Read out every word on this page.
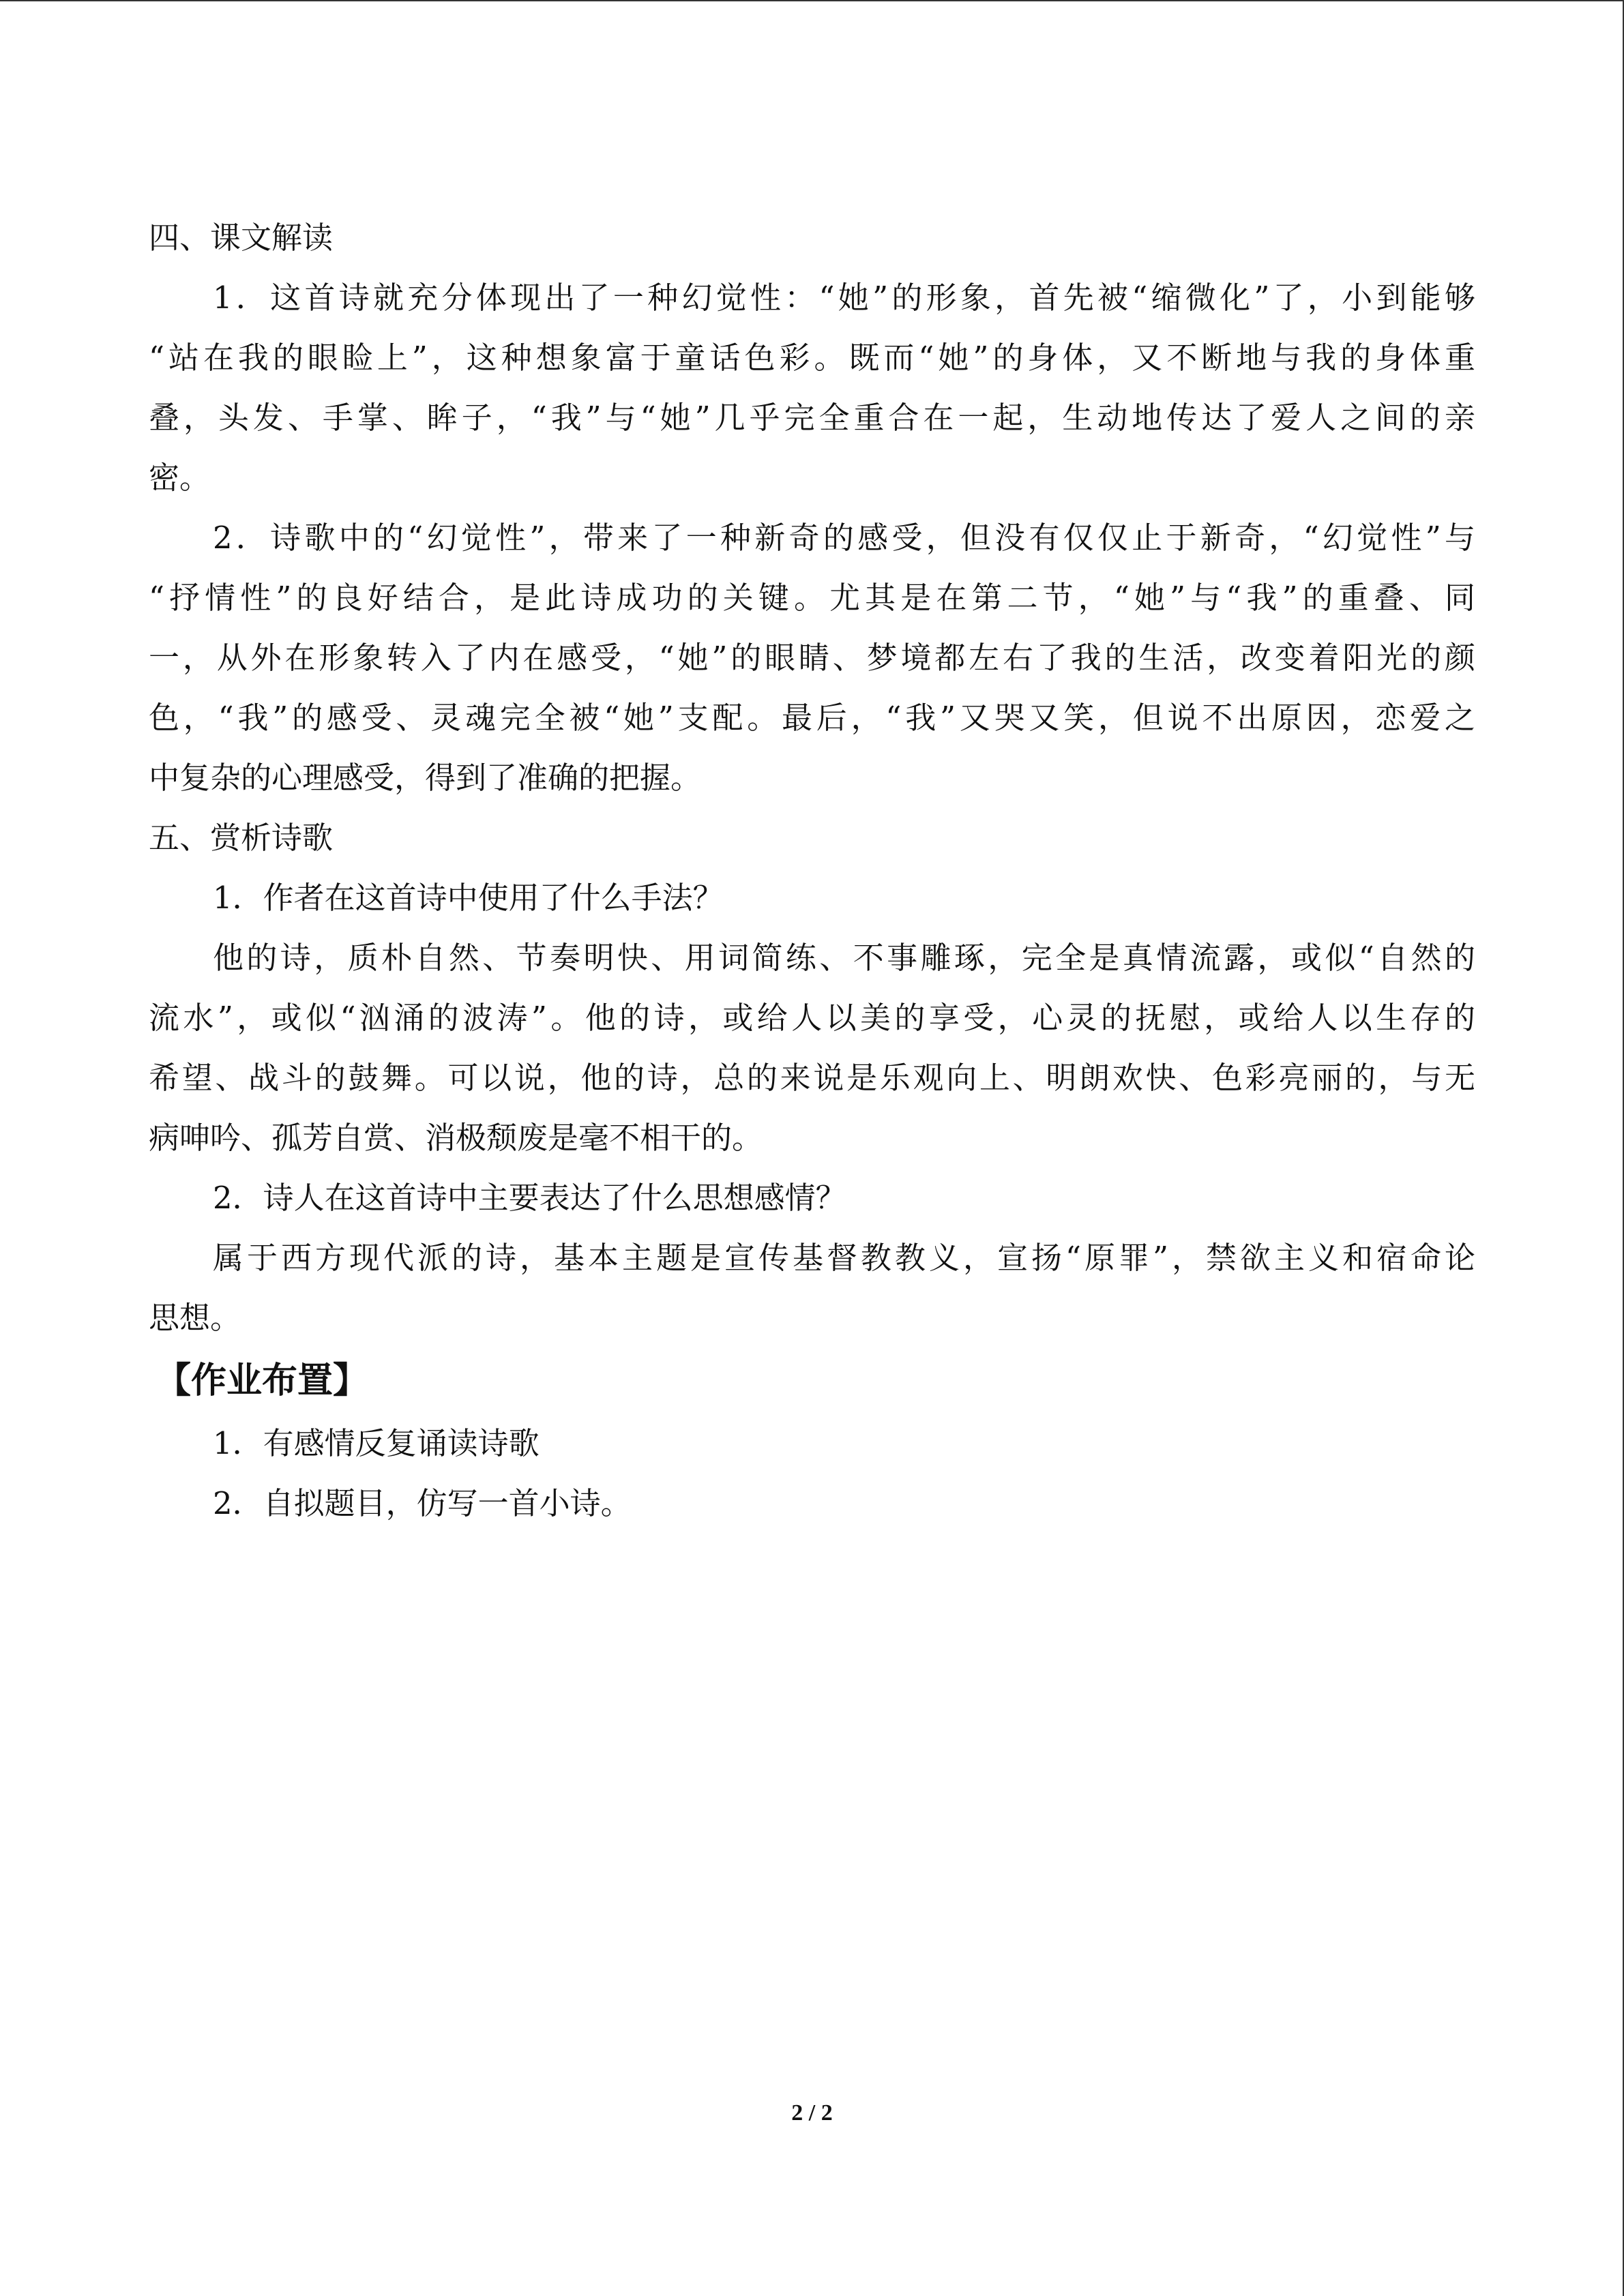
四、课文解读
1．这首诗就充分体现出了一种幻觉性：“她”的形象，首先被“缩微化”了，小到能够
“站在我的眼睑上”，这种想象富于童话色彩。既而“她”的身体，又不断地与我的身体重
叠，头发、手掌、眸子，“我”与“她”几乎完全重合在一起，生动地传达了爱人之间的亲
密。
2．诗歌中的“幻觉性”，带来了一种新奇的感受，但没有仅仅止于新奇，“幻觉性”与
“抒情性”的良好结合，是此诗成功的关键。尤其是在第二节，“她”与“我”的重叠、同
一，从外在形象转入了内在感受，“她”的眼睛、梦境都左右了我的生活，改变着阳光的颜
色，“我”的感受、灵魂完全被“她”支配。最后，“我”又哭又笑，但说不出原因，恋爱之
中复杂的心理感受，得到了准确的把握。
五、赏析诗歌
1．作者在这首诗中使用了什么手法？
他的诗，质朴自然、节奏明快、用词简练、不事雕琢，完全是真情流露，或似“自然的
流水”，或似“汹涌的波涛”。他的诗，或给人以美的享受，心灵的抚慰，或给人以生存的
希望、战斗的鼓舞。可以说，他的诗，总的来说是乐观向上、明朗欢快、色彩亮丽的，与无
病呻吟、孤芳自赏、消极颓废是毫不相干的。
2．诗人在这首诗中主要表达了什么思想感情？
属于西方现代派的诗，基本主题是宣传基督教教义，宣扬“原罪”，禁欲主义和宿命论
思想。
【作业布置】
1．有感情反复诵读诗歌
2．自拟题目，仿写一首小诗。
2 / 2
